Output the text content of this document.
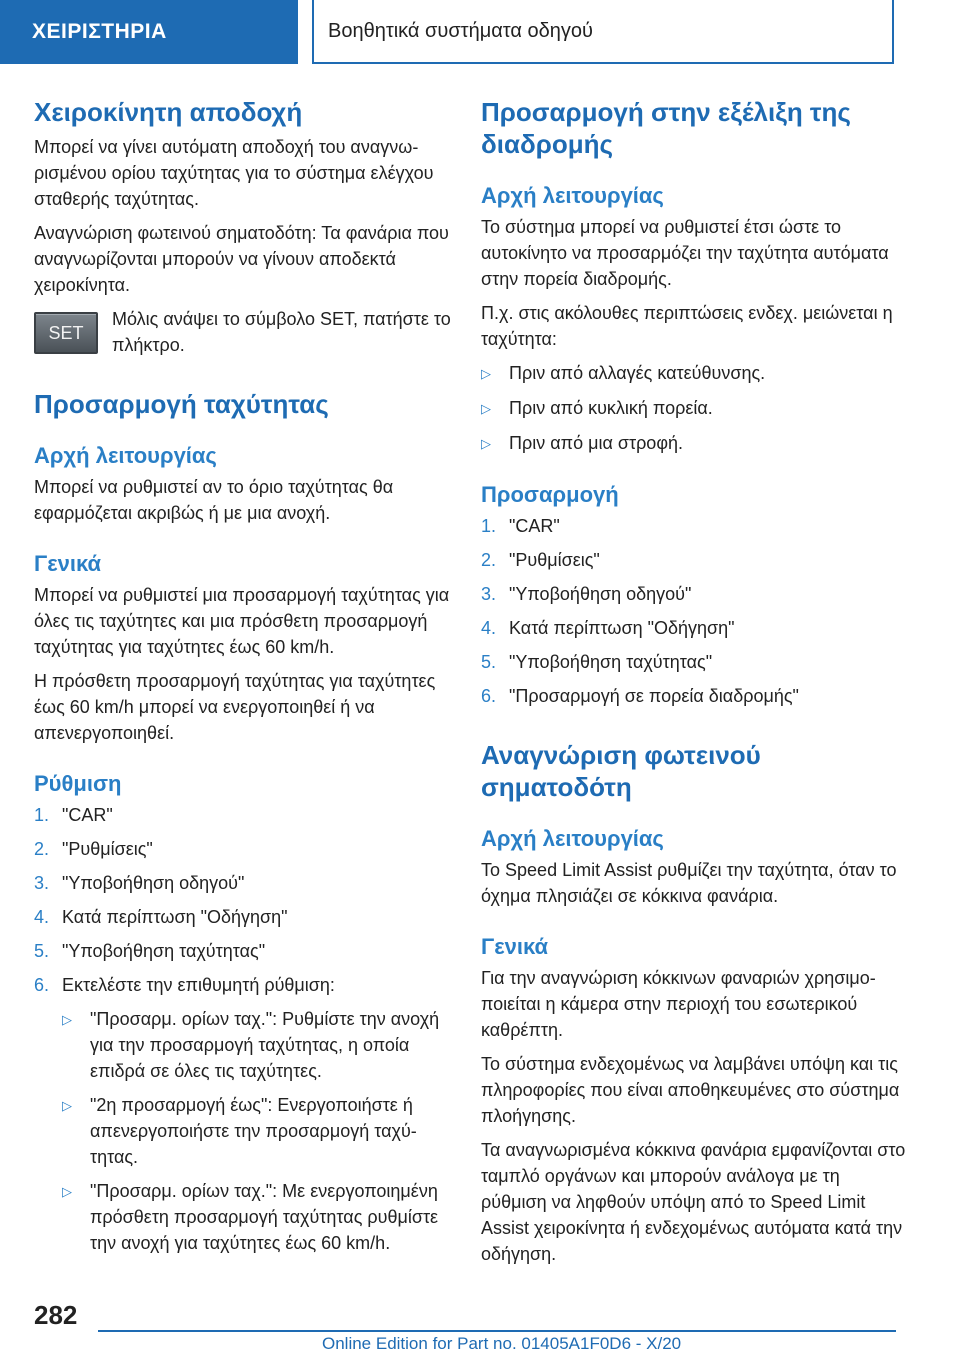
ΧΕΙΡΙΣΤΗΡΙΑ	Βοηθητικά συστήματα οδηγού
Χειροκίνητη αποδοχή

Μπορεί να γίνει αυτόματη αποδοχή του αναγνωρισμένου ορίου ταχύτητας για το σύστημα ελέγχου σταθερής ταχύτητας.

Αναγνώριση φωτεινού σηματοδότη: Τα φανάρια που αναγνωρίζονται μπορούν να γίνουν αποδεκτά χειροκίνητα.

SET

Μόλις ανάψει το σύμβολο SET, πατήστε το πλήκτρο.

Προσαρμογή ταχύτητας
Αρχή λειτουργίας

Μπορεί να ρυθμιστεί αν το όριο ταχύτητας θα εφαρμόζεται ακριβώς ή με μια ανοχή.

Γενικά

Μπορεί να ρυθμιστεί μια προσαρμογή ταχύτητας για όλες τις ταχύτητες και μια πρόσθετη προσαρμογή ταχύτητας για ταχύτητες έως 60 km/h.

Η πρόσθετη προσαρμογή ταχύτητας για ταχύτητες έως 60 km/h μπορεί να ενεργοποιηθεί ή να απενεργοποιηθεί.

Ρύθμιση
1. "CAR"
2. "Ρυθμίσεις"
3. "Υποβοήθηση οδηγού"
4. Κατά περίπτωση "Οδήγηση"
5. "Υποβοήθηση ταχύτητας"
6. Εκτελέστε την επιθυμητή ρύθμιση:
▷	"Προσαρμ. ορίων ταχ.": Ρυθμίστε την ανοχή για την προσαρμογή ταχύτητας, η οποία επιδρά σε όλες τις ταχύτητες.
▷	"2η προσαρμογή έως": Ενεργοποιήστε ή απενεργοποιήστε την προσαρμογή ταχύτητας.
▷	"Προσαρμ. ορίων ταχ.": Με ενεργοποιημένη πρόσθετη προσαρμογή ταχύτητας ρυθμίστε την ανοχή για ταχύτητες έως 60 km/h.
Προσαρμογή στην εξέλιξη της διαδρομής
Αρχή λειτουργίας

Το σύστημα μπορεί να ρυθμιστεί έτσι ώστε το αυτοκίνητο να προσαρμόζει την ταχύτητα αυτόματα στην πορεία διαδρομής.

Π.χ. στις ακόλουθες περιπτώσεις ενδεχ. μειώνεται η ταχύτητα:

▷	Πριν από αλλαγές κατεύθυνσης.
▷	Πριν από κυκλική πορεία.
▷	Πριν από μια στροφή.
Προσαρμογή
1. "CAR"
2. "Ρυθμίσεις"
3. "Υποβοήθηση οδηγού"
4. Κατά περίπτωση "Οδήγηση"
5. "Υποβοήθηση ταχύτητας"
6. "Προσαρμογή σε πορεία διαδρομής"
Αναγνώριση φωτεινού σηματοδότη
Αρχή λειτουργίας

Το Speed Limit Assist ρυθμίζει την ταχύτητα, όταν το όχημα πλησιάζει σε κόκκινα φανάρια.

Γενικά

Για την αναγνώριση κόκκινων φαναριών χρησιμοποιείται η κάμερα στην περιοχή του εσωτερικού καθρέπτη.

Το σύστημα ενδεχομένως να λαμβάνει υπόψη και τις πληροφορίες που είναι αποθηκευμένες στο σύστημα πλοήγησης.

Τα αναγνωρισμένα κόκκινα φανάρια εμφανίζονται στο ταμπλό οργάνων και μπορούν ανάλογα με τη ρύθμιση να ληφθούν υπόψη από το Speed Limit Assist χειροκίνητα ή ενδεχομένως αυτόματα κατά την οδήγηση.

282
Online Edition for Part no. 01405A1F0D6 - X/20
